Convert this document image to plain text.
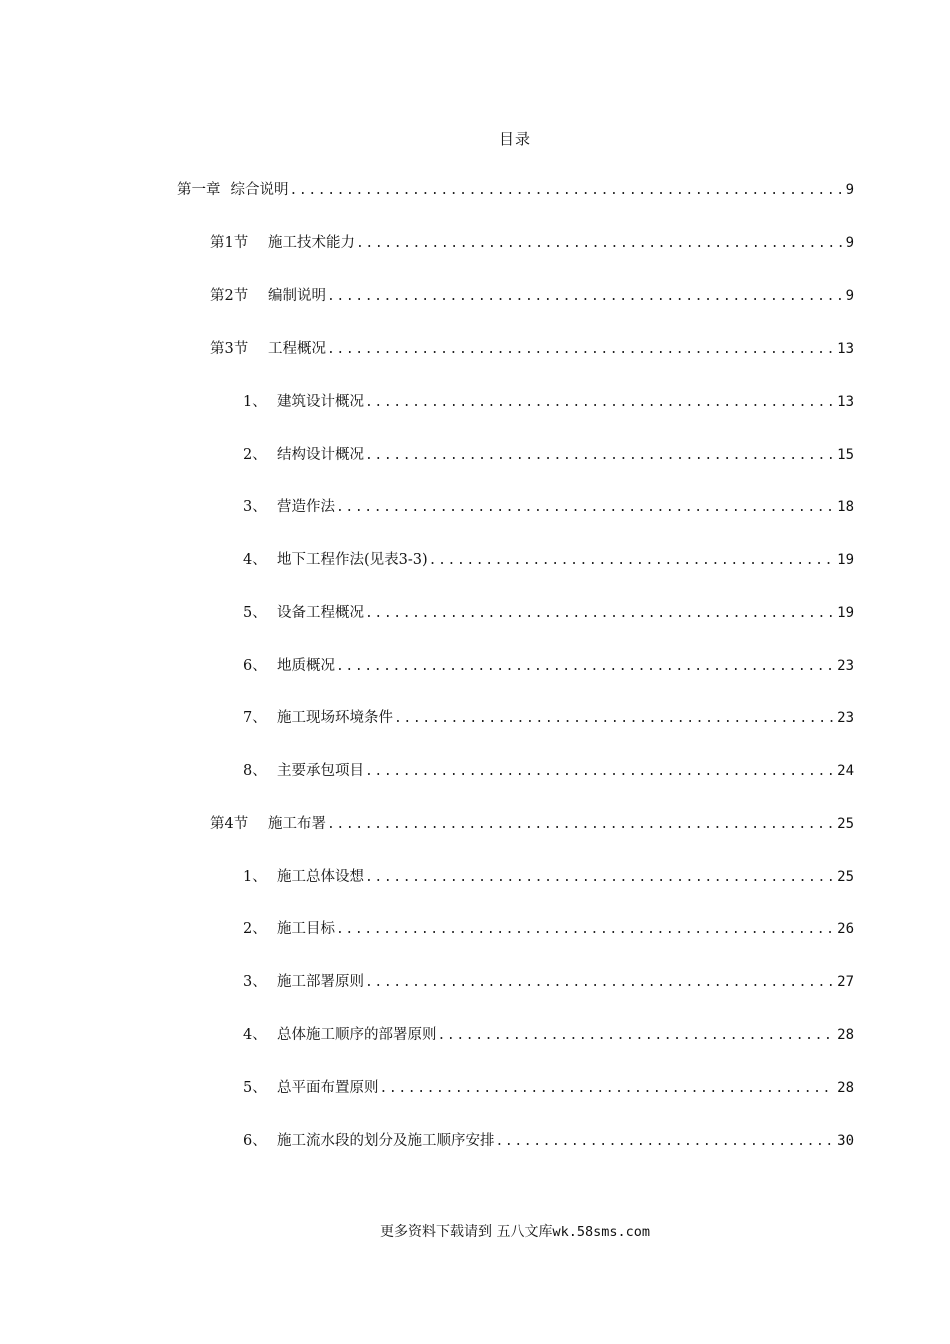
目录
第一章 综合说明 .....	9
第1节	施工技术能力 .....	9
第2节	编制说明 .....	9
第3节	工程概况 .....	13
1、 建筑设计概况 .....	13
2、 结构设计概况 .....	15
3、 营造作法 .....	18
4、 地下工程作法(见表3-3) .....	19
5、 设备工程概况 .....	19
6、 地质概况 .....	23
7、 施工现场环境条件 .....	23
8、 主要承包项目 .....	24
第4节	施工布署 .....	25
1、 施工总体设想 .....	25
2、 施工目标 .....	26
3、 施工部署原则 .....	27
4、 总体施工顺序的部署原则 .....	28
5、 总平面布置原则 .....	28
6、 施工流水段的划分及施工顺序安排 .....	30
更多资料下载请到 五八文库wk.58sms.com
